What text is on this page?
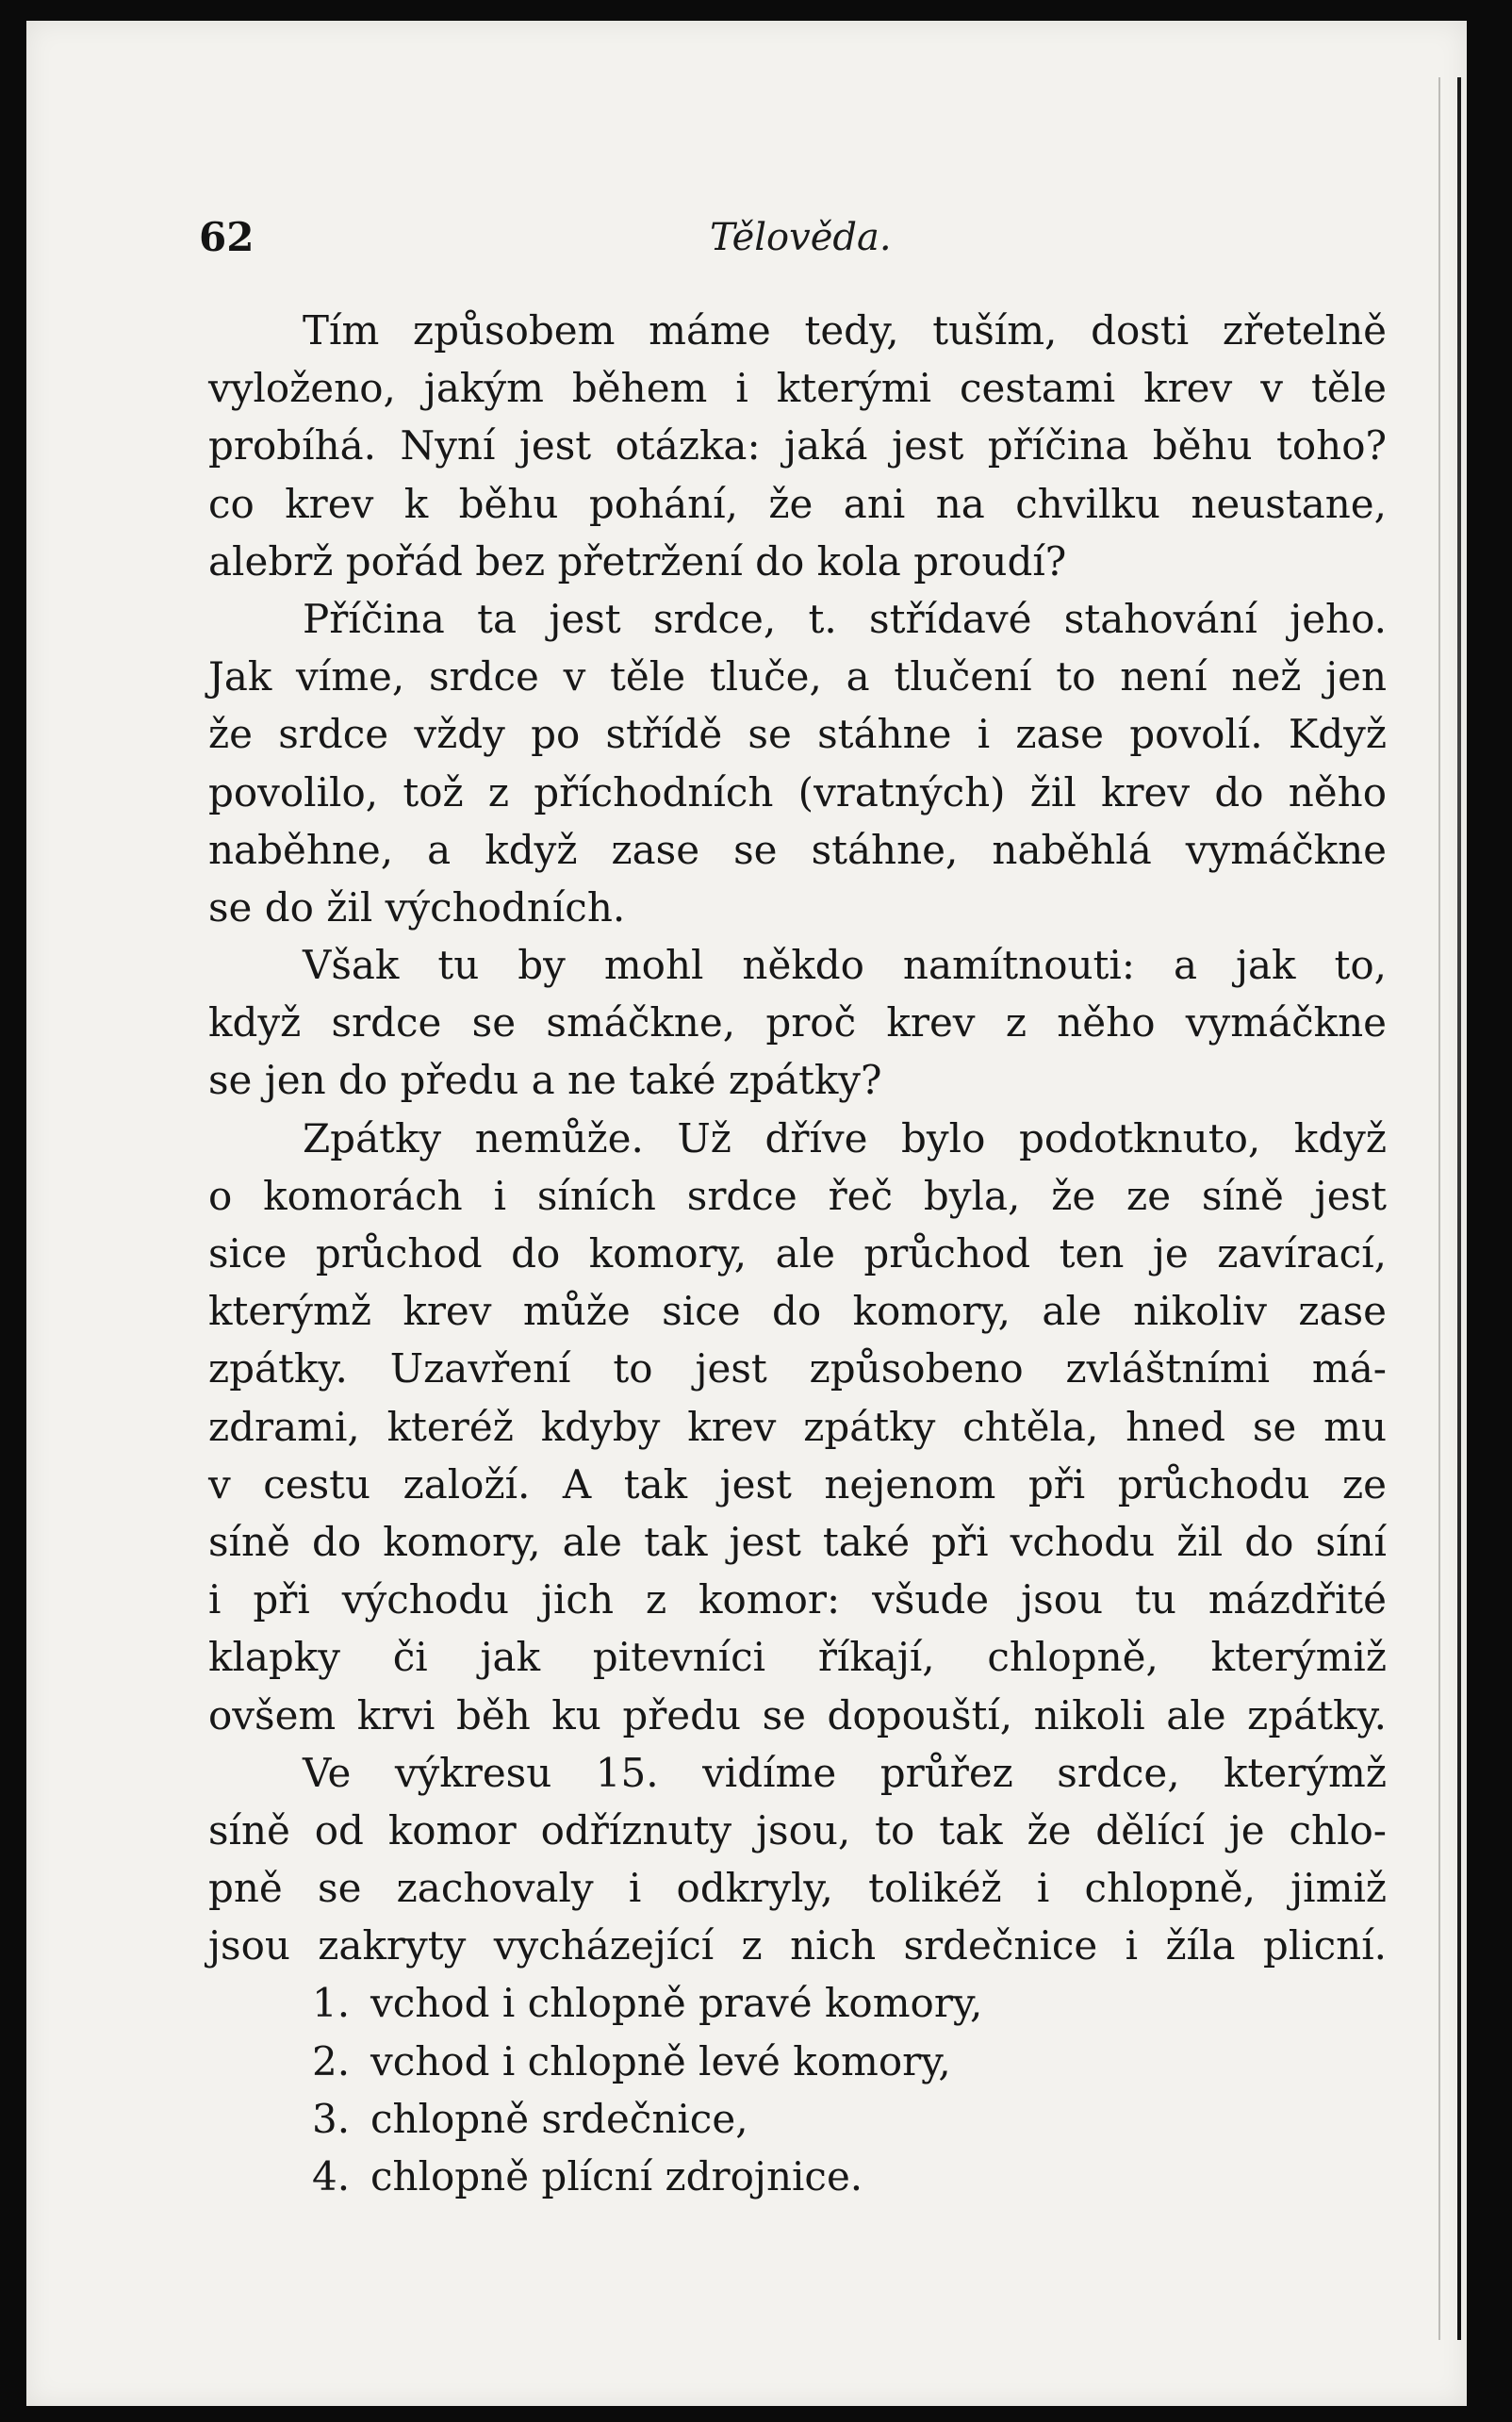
62	Tělověda.
Tím způsobem máme tedy, tuším, dosti zřetelně
vyloženo, jakým během i kterými cestami krev v těle
probíhá. Nyní jest otázka: jaká jest příčina běhu toho?
co krev k běhu pohání, že ani na chvilku neustane,
alebrž pořád bez přetržení do kola proudí?
Příčina ta jest srdce, t. střídavé stahování jeho.
Jak víme, srdce v těle tluče, a tlučení to není než jen
že srdce vždy po střídě se stáhne i zase povolí. Když
povolilo, tož z příchodních (vratných) žil krev do něho
naběhne, a když zase se stáhne, naběhlá vymáčkne
se do žil východních.
Však tu by mohl někdo namítnouti: a jak to,
když srdce se smáčkne, proč krev z něho vymáčkne
se jen do předu a ne také zpátky?
Zpátky nemůže. Už dříve bylo podotknuto, když
o komorách i síních srdce řeč byla, že ze síně jest
sice průchod do komory, ale průchod ten je zavírací,
kterýmž krev může sice do komory, ale nikoliv zase
zpátky. Uzavření to jest způsobeno zvláštními má-
zdrami, kteréž kdyby krev zpátky chtěla, hned se mu
v cestu založí. A tak jest nejenom při průchodu ze
síně do komory, ale tak jest také při vchodu žil do síní
i při východu jich z komor: všude jsou tu mázdřité
klapky či jak pitevníci říkají, chlopně, kterýmiž
ovšem krvi běh ku předu se dopouští, nikoli ale zpátky.
Ve výkresu 15. vidíme průřez srdce, kterýmž
síně od komor odříznuty jsou, to tak že dělící je chlo-
pně se zachovaly i odkryly, tolikéž i chlopně, jimiž
jsou zakryty vycházející z nich srdečnice i žíla plicní.
1. vchod i chlopně pravé komory,
2. vchod i chlopně levé komory,
3. chlopně srdečnice,
4. chlopně plícní zdrojnice.
